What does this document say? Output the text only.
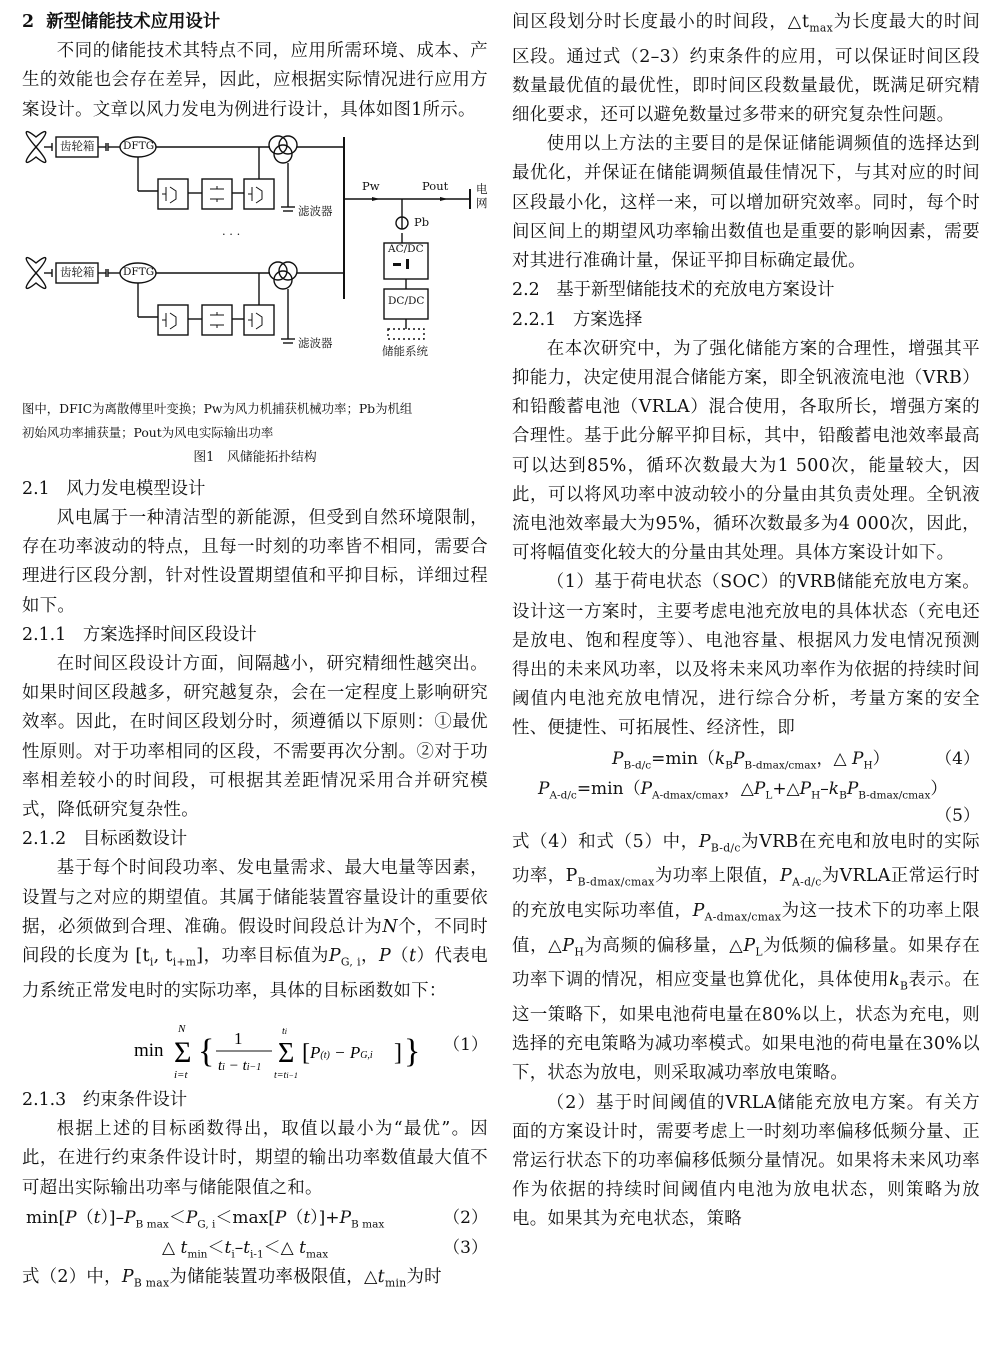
2 新型储能技术应用设计

不同的储能技术其特点不同，应用所需环境、成本、产生的效能也会存在差异，因此，应根据实际情况进行应用方案设计。文章以风力发电为例进行设计，具体如图1所示。

齿轮箱	DFTG
滤波器
· · ·
齿轮箱	DFTG
滤波器
Pw	Pout 电
网
Pb
AC/DC
DC/DC
储能系统

图中，DFIC为离散傅里叶变换；Pw为风力机捕获机械功率；Pb为机组

初始风功率捕获量；Pout为风电实际输出功率

图1　风储能拓扑结构

2.1 风力发电模型设计

风电属于一种清洁型的新能源，但受到自然环境限制，存在功率波动的特点，且每一时刻的功率皆不相同，需要合理进行区段分割，针对性设置期望值和平抑目标，详细过程如下。

2.1.1 方案选择时间区段设计

在时间区段设计方面，间隔越小，研究精细性越突出。如果时间区段越多，研究越复杂，会在一定程度上影响研究效率。因此，在时间区段划分时，须遵循以下原则：①最优性原则。对于功率相同的区段，不需要再次分割。②对于功率相差较小的时间段，可根据其差距情况采用合并研究模式，降低研究复杂性。

2.1.2 目标函数设计

基于每个时间段功率、发电量需求、最大电量等因素，设置与之对应的期望值。其属于储能装置容量设计的重要依据，必须做到合理、准确。假设时间段总计为N个，不同时间段的长度为 [$t_i$, $t_{i+m}$]，功率目标值为$P_{G, i}$，P（t）代表电力系统正常发电时的实际功率，具体的目标函数如下：

min Σ
N
i=t
{ 1
ti − ti−1 Σ
ti
t=ti−1
[ P(t) − PG,i ] } （1）

2.1.3 约束条件设计

根据上述的目标函数得出，取值以最小为“最优”。因此，在进行约束条件设计时，期望的输出功率数值最大值不可超出实际输出功率与储能限值之和。

$\min[P(t)]-P_{B max}<P_{G, i}<\max[P(t)]+P_{B max}$	（2）
△ $t_{min}<t_i-t_{i-1}<\triangle$ $t_{max}$	（3）

式（2）中，$P_{B max}$为储能装置功率极限值，$\triangle t_{min}$为时

间区段划分时长度最小的时间段，$\triangle t_{max}$为长度最大的时间区段。通过式（2–3）约束条件的应用，可以保证时间区段数量最优值的最优性，即时间区段数量最优，既满足研究精细化要求，还可以避免数量过多带来的研究复杂性问题。

使用以上方法的主要目的是保证储能调频值的选择达到最优化，并保证在储能调频值最佳情况下，与其对应的时间区段最小化，这样一来，可以增加研究效率。同时，每个时间区间上的期望风功率输出数值也是重要的影响因素，需要对其进行准确计量，保证平抑目标确定最优。

2.2 基于新型储能技术的充放电方案设计

2.2.1 方案选择

在本次研究中，为了强化储能方案的合理性，增强其平抑能力，决定使用混合储能方案，即全钒液流电池（VRB）和铅酸蓄电池（VRLA）混合使用，各取所长，增强方案的合理性。基于此分解平抑目标，其中，铅酸蓄电池效率最高可以达到85%，循环次数最大为1 500次，能量较大，因此，可以将风功率中波动较小的分量由其负责处理。全钒液流电池效率最大为95%，循环次数最多为4 000次，因此，可将幅值变化较大的分量由其处理。具体方案设计如下。

（1）基于荷电状态（SOC）的VRB储能充放电方案。设计这一方案时，主要考虑电池充放电的具体状态（充电还是放电、饱和程度等）、电池容量、根据风力发电情况预测得出的未来风功率，以及将未来风功率作为依据的持续时间阈值内电池充放电情况，进行综合分析，考量方案的安全性、便捷性、可拓展性、经济性，即

$P_{B-d/c}=\min(k_BP_{B-dmax/cmax}$，△ $P_H$）	（4）
$P_{A-d/c}=\min(P_{A-dmax/cmax}$，$\triangle P_L+\triangle P_H-k_BP_{B-dmax/cmax}$）
（5）

式（4）和式（5）中，$P_{B-d/c}$为VRB在充电和放电时的实际功率，$P_{B-dmax/cmax}$为功率上限值，$P_{A-d/c}$为VRLA正常运行时的充放电实际功率值，$P_{A-dmax/cmax}$为这一技术下的功率上限值，$\triangle P_H$为高频的偏移量，$\triangle P_L$为低频的偏移量。如果存在功率下调的情况，相应变量也算优化，具体使用$k_B$表示。在这一策略下，如果电池荷电量在80%以上，状态为充电，则选择的充电策略为减功率模式。如果电池的荷电量在30%以下，状态为放电，则采取减功率放电策略。

（2）基于时间阈值的VRLA储能充放电方案。有关方面的方案设计时，需要考虑上一时刻功率偏移低频分量、正常运行状态下的功率偏移低频分量情况。如果将未来风功率作为依据的持续时间阈值内电池为放电状态，则策略为放电。如果其为充电状态，策略
